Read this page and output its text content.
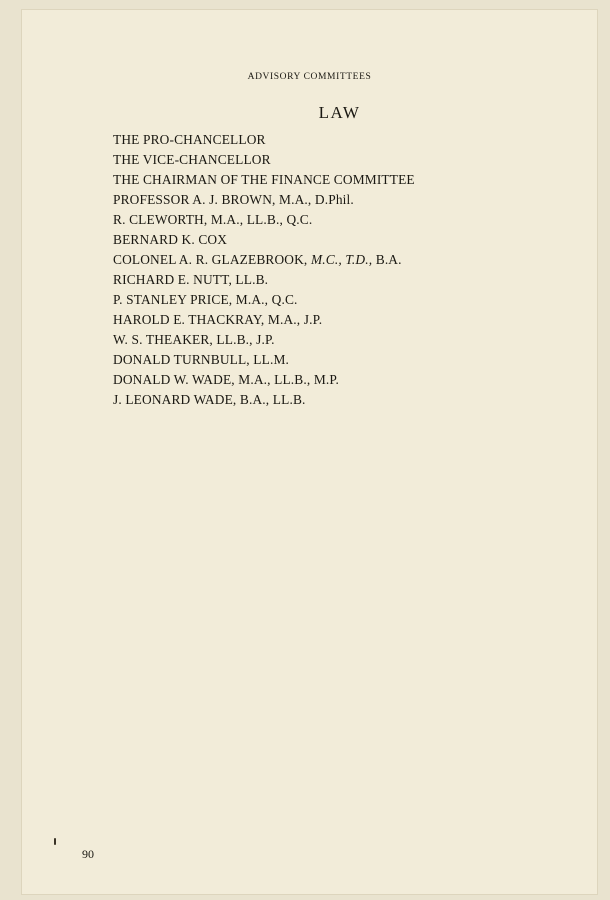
ADVISORY COMMITTEES
LAW
THE PRO-CHANCELLOR
THE VICE-CHANCELLOR
THE CHAIRMAN OF THE FINANCE COMMITTEE
PROFESSOR A. J. BROWN, M.A., D.Phil.
R. CLEWORTH, M.A., LL.B., Q.C.
BERNARD K. COX
COLONEL A. R. GLAZEBROOK, M.C., T.D., B.A.
RICHARD E. NUTT, LL.B.
P. STANLEY PRICE, M.A., Q.C.
HAROLD E. THACKRAY, M.A., J.P.
W. S. THEAKER, LL.B., J.P.
DONALD TURNBULL, LL.M.
DONALD W. WADE, M.A., LL.B., M.P.
J. LEONARD WADE, B.A., LL.B.
90
